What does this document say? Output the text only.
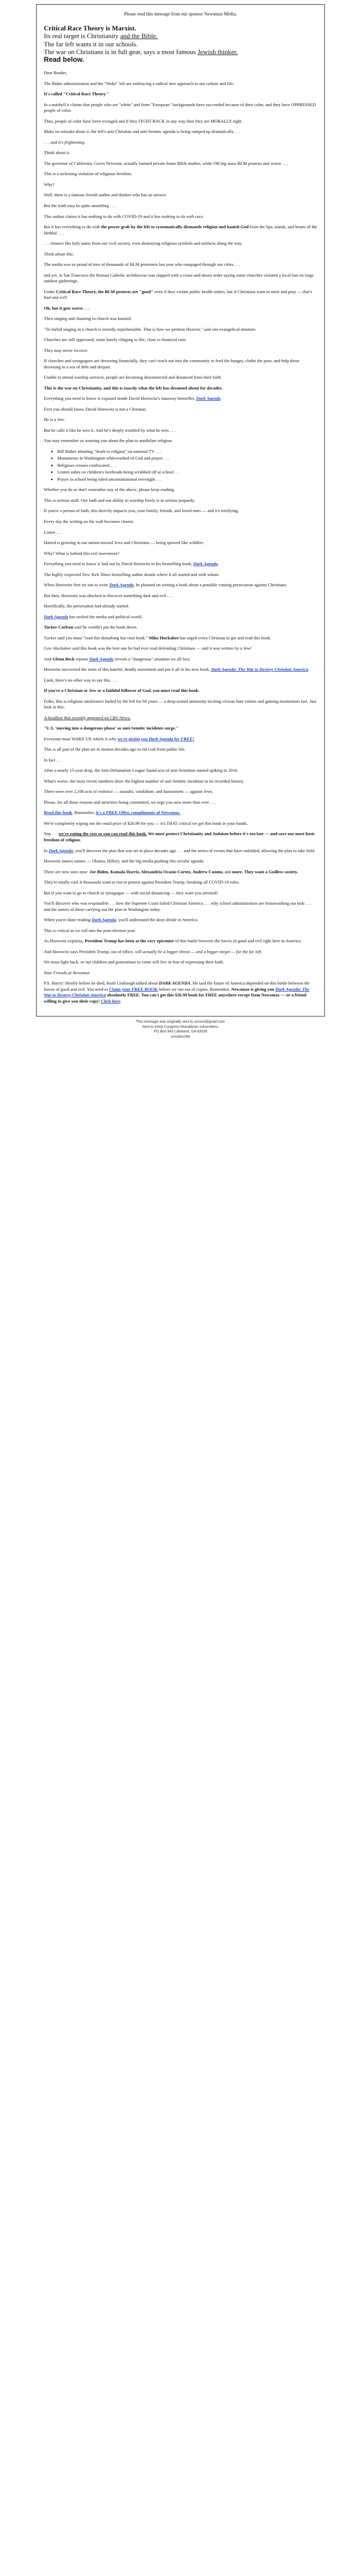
Please read this message from our sponsor Newsmax Media.
Critical Race Theory is Marxist.
Its real target is Christianity and the Bible.
The far left wants it in our schools.
The war on Christians is in full gear, says a most famous Jewish thinker.
Read below.

Dear Reader,

The Biden administration and the "Woke" left are embracing a radical new approach to our culture and life.

It's called "Critical Race Theory."

In a nutshell it claims that people who are "white" and from "European" backgrounds have succeeded because of their color, and they have OPPRESSED people of color.

Thus, people of color have been wronged and if they FIGHT BACK in any way then they are MORALLY right.

Make no mistake about it, the left's anti-Christian and anti-Semitic agenda is being ramped up dramatically . . .

. . . and it's frightening.

Think about it.

The governor of California, Gavin Newsom, actually banned private home Bible studies, while OK'ing mass BLM protests and worse . . .

This is a sickening violation of religious freedom.

Why?

Well, there is a famous Jewish author and thinker who has an answer.

But the truth may be quite unsettling . . .

This author claims it has nothing to do with COVID-19 and it has nothing to do with race.

But it has everything to do with the power grab by the left to systematically dismantle religion and banish God from the lips, minds, and hearts of the faithful . . .

. . . remove His holy name from our civil society, even destroying religious symbols and artifacts along the way.

Think about this:

The media was so proud of tens of thousands of BLM protesters last year who rampaged through our cities . . .

and yet, in San Francisco the Roman Catholic archdiocese was slapped with a cease-and-desist order saying some churches violated a local ban on large outdoor gatherings.

Under Critical Race Theory, the BLM protests are "good" even if they violate public health orders, but if Christians want to meet and pray — that's bad and evil!

Oh, but it gets worse . . .

Then singing and chanting in church was banned.

"To forbid singing in a church is morally reprehensible. That is how we petition Heaven," said one evangelical minister.

Churches are still oppressed, some barely clinging to life, close to financial ruin.

They may never recover.

If churches and synagogues are drowning financially, they can't reach out into the community to feed the hungry, clothe the poor, and help those drowning in a sea of debt and despair.

Unable to attend worship services, people are becoming disconnected and distanced from their faith.

This is the war on Christianity, and this is exactly what the left has dreamed about for decades.

Everything you need to know is exposed inside David Horowitz's runaway bestseller, Dark Agenda.

First you should know, David Horowitz is not a Christian.

He is a Jew.

But he calls it like he sees it. And he's deeply troubled by what he sees . . .

You may remember us warning you about the plan to annihilate religion.

• Bill Maher shouting "death to religion" on national TV . . .
• Monuments in Washington whitewashed of God and prayer . . .
• Religious crosses confiscated . . .
• Lenten ashes on children's foreheads being scrubbed off at school . . .
• Prayer in school being ruled unconstitutional overnight . . .

Whether you do or don't remember any of the above, please keep reading.

This is serious stuff. Our faith and our ability to worship freely is in serious jeopardy.

If you're a person of faith, this directly impacts you, your family, friends, and loved ones — and it's terrifying.

Every day the writing on the wall becomes clearer.

Listen . . .

Hatred is growing in our nation toward Jews and Christians — being spewed like wildfire.

Why? What is behind this evil movement?

Everything you need to know is laid out by David Horowitz in his bestselling book, Dark Agenda.

The highly respected New York Times bestselling author details where it all started and with whom.

When Horowitz first set out to write Dark Agenda, he planned on writing a book about a possible coming persecution against Christians.

But then, Horowitz was shocked to discover something dark and evil . . .

Horrifically, the persecution had already started.

Dark Agenda has rocked the media and political world.

Tucker Carlson said he couldn't put the book down.

Tucker said you must "read this disturbing but vital book." Mike Huckabee has urged every Christian to get and read this book.

Gov. Huckabee said this book was the best one he had ever read defending Christians — and it was written by a Jew!

And Glenn Beck reports Dark Agenda reveals a "dangerous" situation we all face.

Horowitz uncovered the roots of this hateful, deadly movement and put it all in his new book, Dark Agenda: The War to Destroy Christian America.

Look, there's no other way to say this . . .

If you're a Christian or Jew or a faithful follower of God, you must read this book.

Folks, this is religious intolerance fueled by the left for 60 years — a deep-seated animosity inciting vicious hate crimes and gaining momentum fast. Just look at this:

A headline that recently appeared on CBS News:

"U.S. 'moving into a dangerous phase' as anti-Semitic incidents surge."

Everyone must WAKE UP, which is why we're giving you Dark Agenda for FREE!

This is all part of the plan set in motion decades ago to rid God from public life.

In fact . . .

After a nearly 15-year drop, the Anti-Defamation League found acts of anti-Semitism started spiking in 2016.

What's worse, the most recent numbers show the highest number of anti-Semitic incidents in its recorded history.

There were over 2,100 acts of violence — assaults, vandalism, and harassment — against Jews.

Please, for all these reasons and atrocities being committed, we urge you now more than ever . . .

Read this book. Remember, it's a FREE Offer, compliments of Newsmax.

We're completely wiping out the retail price of $26.99 for you — it's THAT critical we get this book in your hands.

Yep . . . we're eating the cost so you can read this book. We must protect Christianity and Judaism before it's too late — and save our most basic freedom of religion.

In Dark Agenda, you'll discover the plan that was set in place decades ago . . . and the series of events that have unfolded, allowing the plan to take hold.

Horowitz names names — Obama, Hillary, and the big media pushing this secular agenda.

There are new ones now: Joe Biden, Kamala Harris, Alexandria Ocasio-Cortez, Andrew Cuomo, and more. They want a Godless society.

They're totally cool if thousands want to riot in protest against President Trump, breaking all COVID-19 rules.

But if you want to go to church or synagogue — with social distancing — they want you arrested!

You'll discover who was responsible . . . how the Supreme Court failed Christian America . . . why school administrators are brainwashing our kids . . . and the names of those carrying out the plan in Washington today.

When you're done reading Dark Agenda, you'll understand the deep divide in America.

This is critical as we roll into the post-election year.

As Horowitz explains, President Trump has been at the very epicenter of this battle between the forces of good and evil right here in America.

And Horowitz says President Trump, out of office, will actually be a bigger threat — and a bigger target — for the far left.

We must fight back, or our children and generations to come will live in fear of expressing their faith.

Your Friends at Newsmax

P.S. Hurry! Shortly before he died, Rush Limbaugh talked about DARK AGENDA. He said the future of America depended on this battle between the forces of good and evil. You need to Claim your FREE BOOK before we run out of copies. Remember, Newsmax is giving you Dark Agenda: The War to Destroy Christian America absolutely FREE. You can't get this $26.99 book for FREE anywhere except from Newsmax — or a friend willing to give you their copy! Click here.

This message was originally sent to xxxxxx@gmail.com
Sent to Keep Congress Republican subscribers.
PO Box 943 Lakeland, GA 83539
unsubscribe
